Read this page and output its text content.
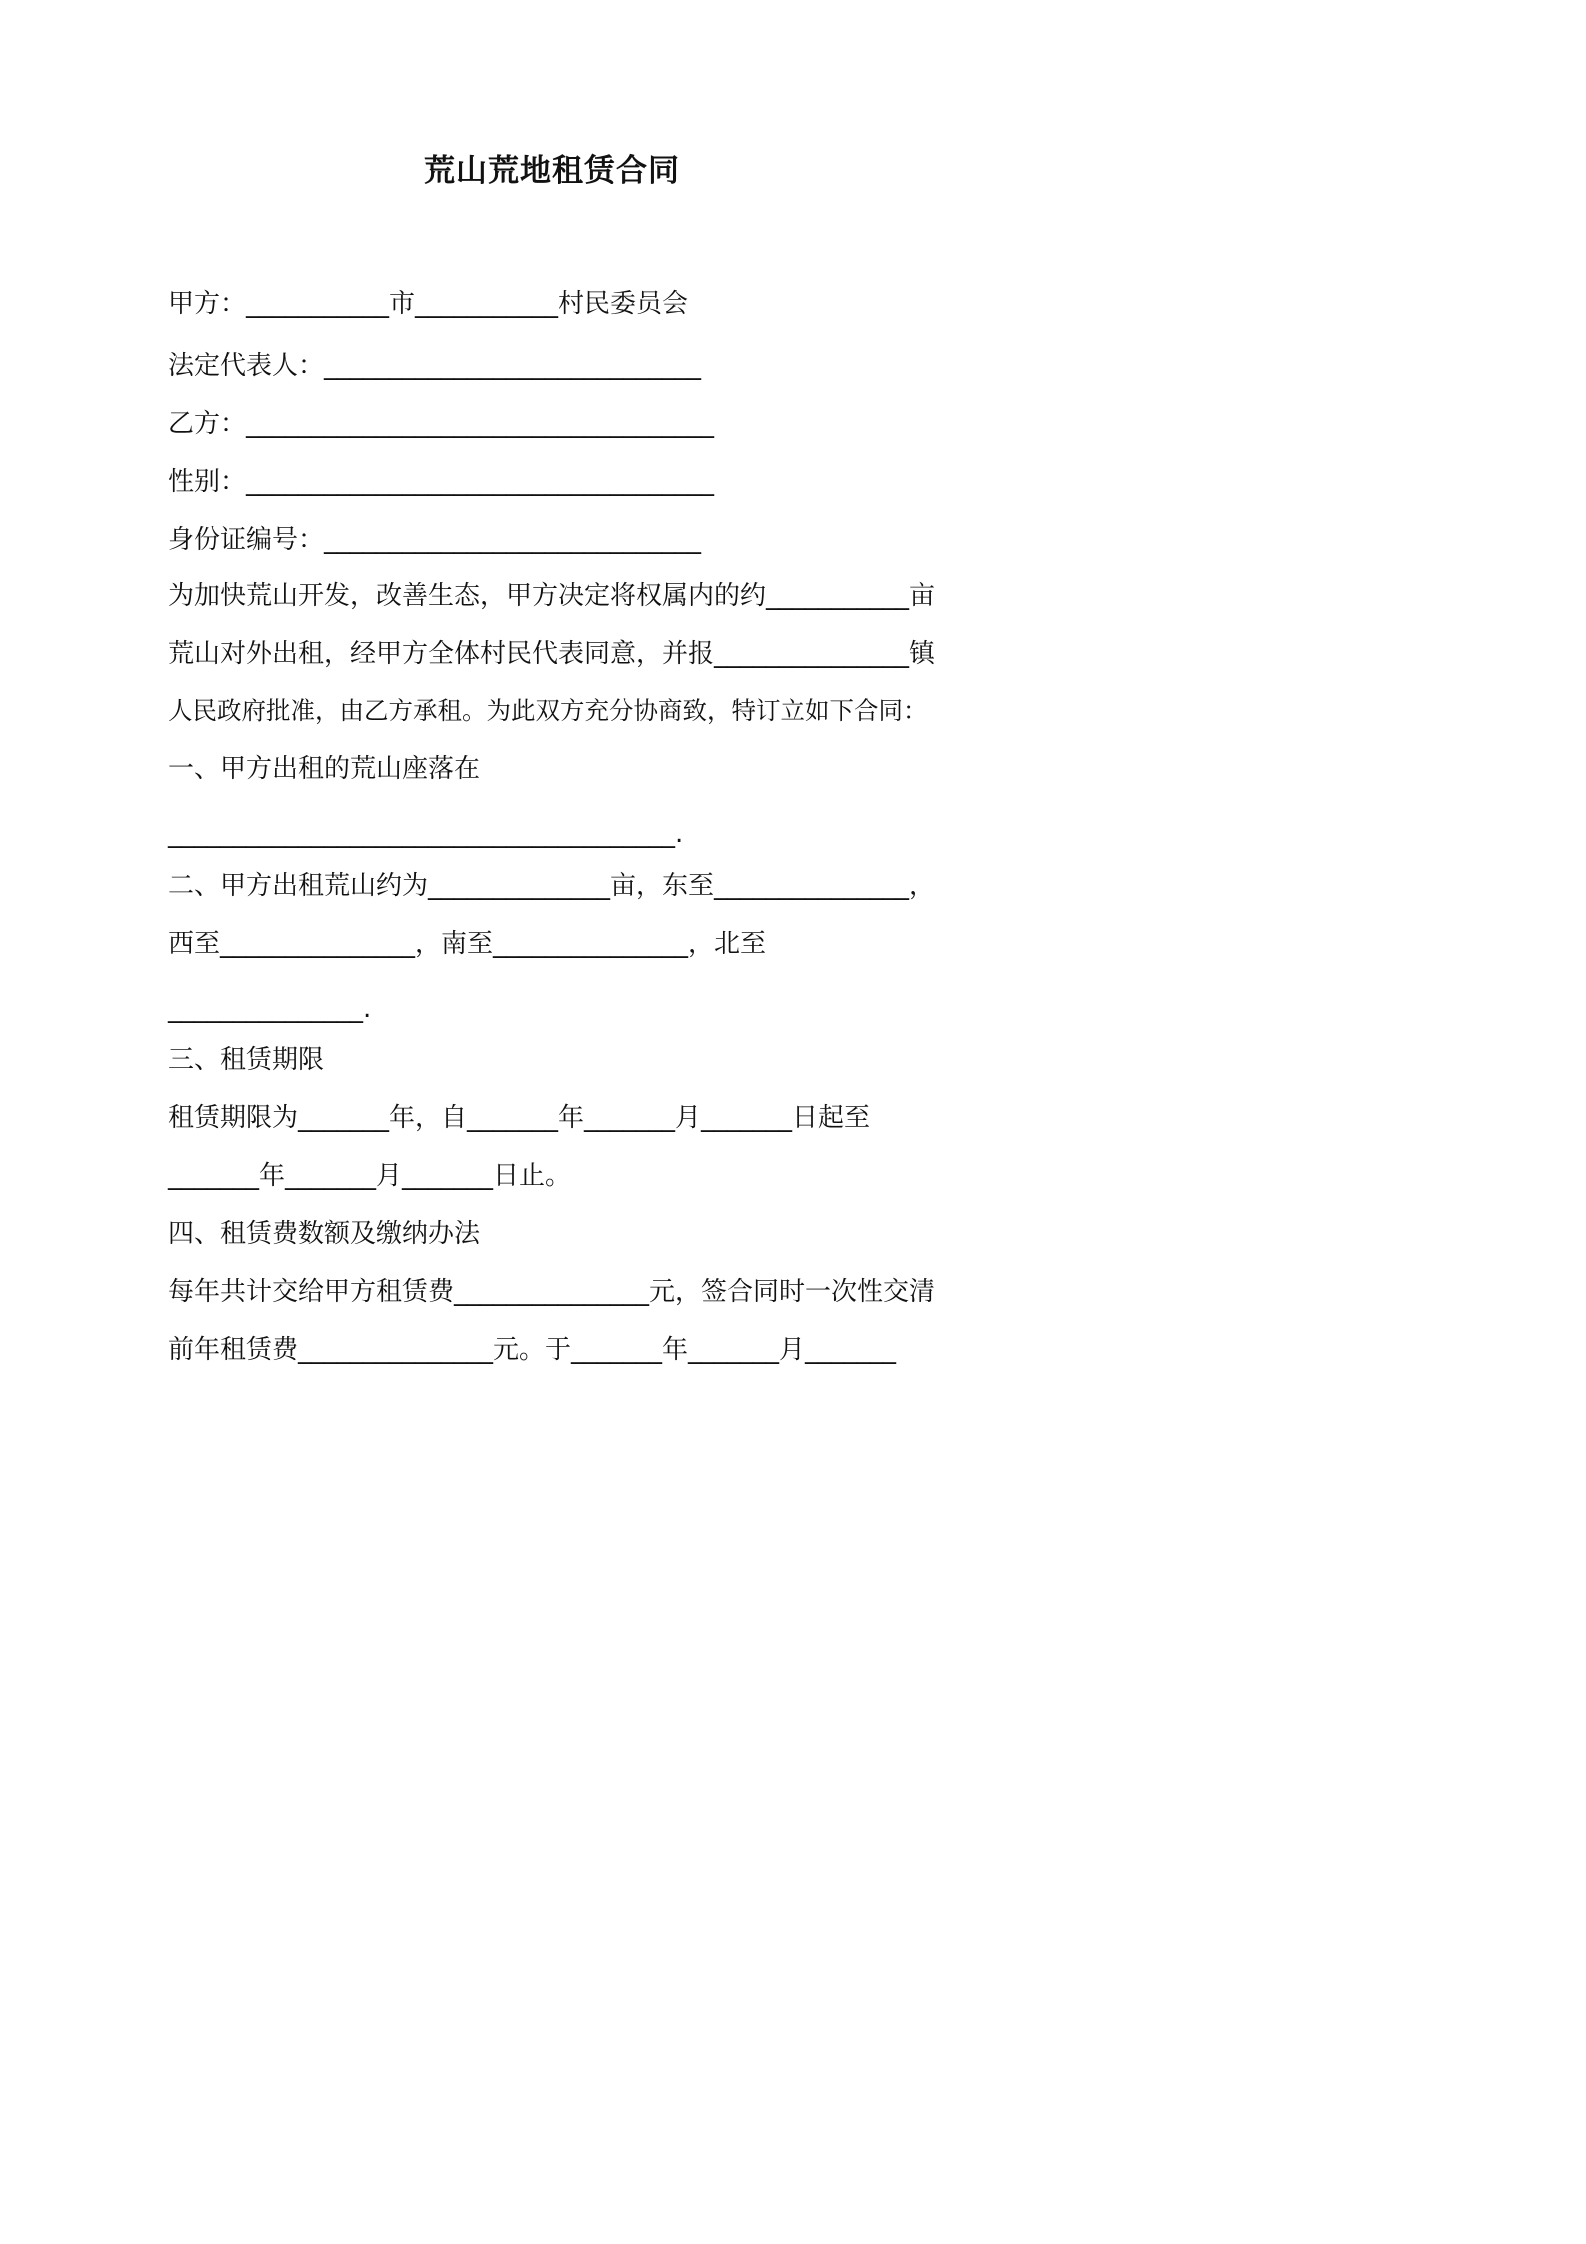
荒山荒地租赁合同

甲方：___________市___________村民委员会

法定代表人：_____________________________

乙方：____________________________________

性别：____________________________________

身份证编号：_____________________________

为加快荒山开发，改善生态，甲方决定将权属内的约___________亩

荒山对外出租，经甲方全体村民代表同意，并报_______________镇

人民政府批准，由乙方承租。为此双方充分协商致，特订立如下合同：

一、甲方出租的荒山座落在

_______________________________________.

二、甲方出租荒山约为______________亩，东至_______________，

西至_______________，南至_______________，北至

_______________.

三、租赁期限

租赁期限为_______年，自_______年_______月_______日起至

_______年_______月_______日止。

四、租赁费数额及缴纳办法

每年共计交给甲方租赁费_______________元，签合同时一次性交清

前年租赁费_______________元。于_______年_______月_______
